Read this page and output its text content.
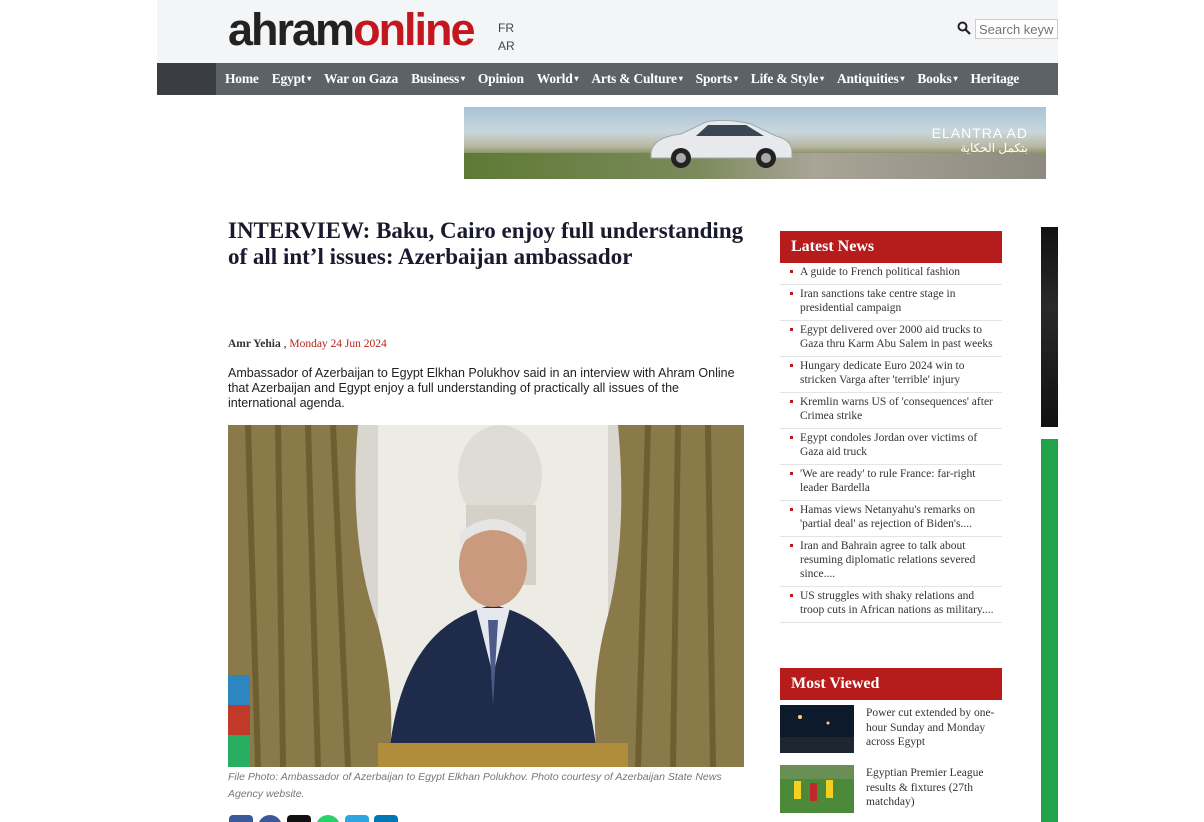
ahramonline FR
AR
Search keywords
Home Egypt ▾ War on Gaza Business ▾ Opinion World ▾ Arts & Culture ▾ Sports ▾ Life & Style ▾ Antiquities ▾ Books ▾ Heritage
ELANTRA AD
بتكمل الحكاية
INTERVIEW: Baku, Cairo enjoy full understanding of all int’l issues: Azerbaijan ambassador
Amr Yehia , Monday 24 Jun 2024

Ambassador of Azerbaijan to Egypt Elkhan Polukhov said in an interview with Ahram Online that Azerbaijan and Egypt enjoy a full understanding of practically all issues of the international agenda.

File Photo: Ambassador of Azerbaijan to Egypt Elkhan Polukhov. Photo courtesy of Azerbaijan State News Agency website.
Latest News
A guide to French political fashion
Iran sanctions take centre stage in presidential campaign
Egypt delivered over 2000 aid trucks to Gaza thru Karm Abu Salem in past weeks
Hungary dedicate Euro 2024 win to stricken Varga after 'terrible' injury
Kremlin warns US of 'consequences' after Crimea strike
Egypt condoles Jordan over victims of Gaza aid truck
'We are ready' to rule France: far-right leader Bardella
Hamas views Netanyahu's remarks on 'partial deal' as rejection of Biden's....
Iran and Bahrain agree to talk about resuming diplomatic relations severed since....
US struggles with shaky relations and troop cuts in African nations as military....
Most Viewed
Power cut extended by one-hour Sunday and Monday across Egypt
Egyptian Premier League results & fixtures (27th matchday)
